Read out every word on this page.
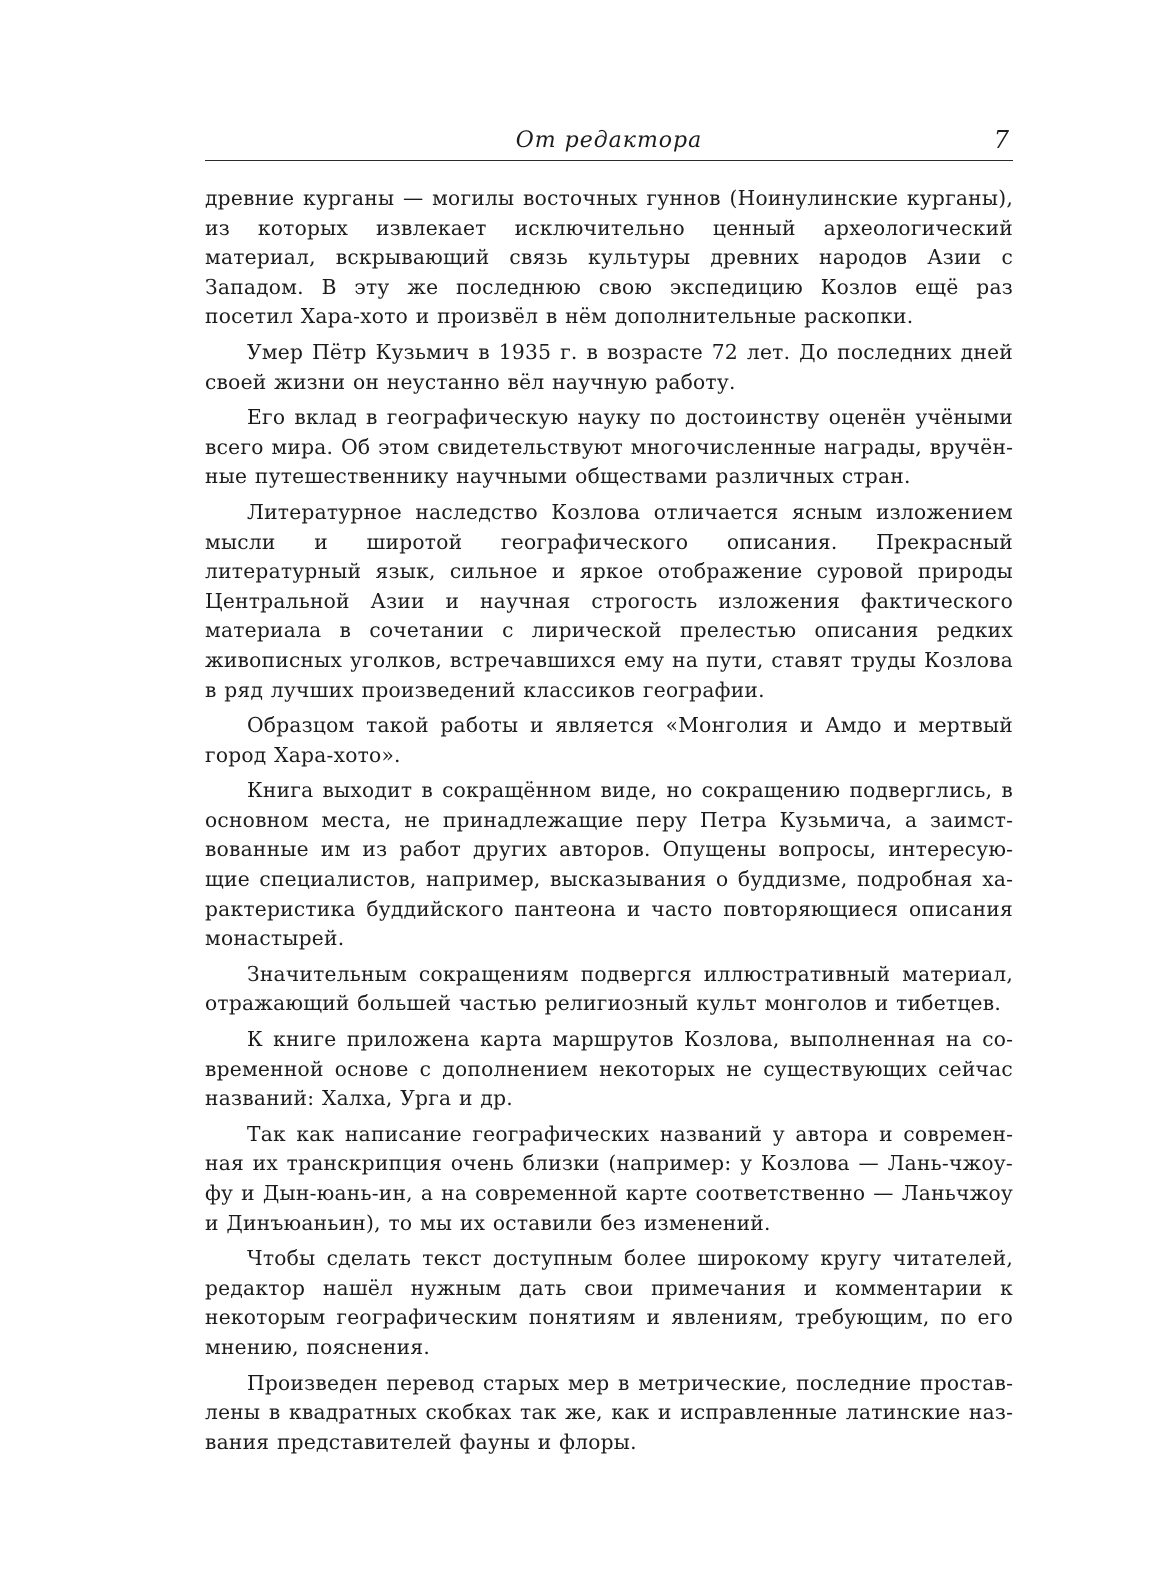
От редактора	7

древние курганы — могилы восточных гуннов (Ноинулинские курганы), из которых извлекает исключительно ценный археологический материал, вскрывающий связь культуры древних народов Азии с Западом. В эту же последнюю свою экспедицию Козлов ещё раз посетил Хара-хото и произвёл в нём дополнительные раскопки.

Умер Пётр Кузьмич в 1935 г. в возрасте 72 лет. До последних дней своей жизни он неустанно вёл научную работу.

Его вклад в географическую науку по достоинству оценён учёными всего мира. Об этом свидетельствуют многочисленные награды, вручённые путешественнику научными обществами различных стран.

Литературное наследство Козлова отличается ясным изложением мысли и широтой географического описания. Прекрасный литературный язык, сильное и яркое отображение суровой природы Центральной Азии и научная строгость изложения фактического материала в сочетании с лирической прелестью описания редких живописных уголков, встречавшихся ему на пути, ставят труды Козлова в ряд лучших произведений классиков географии.

Образцом такой работы и является «Монголия и Амдо и мертвый город Хара-хото».

Книга выходит в сокращённом виде, но сокращению подверглись, в основном места, не принадлежащие перу Петра Кузьмича, а заимствованные им из работ других авторов. Опущены вопросы, интересующие специалистов, например, высказывания о буддизме, подробная характеристика буддийского пантеона и часто повторяющиеся описания монастырей.

Значительным сокращениям подвергся иллюстративный материал, отражающий большей частью религиозный культ монголов и тибетцев.

К книге приложена карта маршрутов Козлова, выполненная на современной основе с дополнением некоторых не существующих сейчас названий: Халха, Урга и др.

Так как написание географических названий у автора и современная их транскрипция очень близки (например: у Козлова — Лань-чжоу-фу и Дын-юань-ин, а на современной карте соответственно — Ланьчжоу и Динъюаньин), то мы их оставили без изменений.

Чтобы сделать текст доступным более широкому кругу читателей, редактор нашёл нужным дать свои примечания и комментарии к некоторым географическим понятиям и явлениям, требующим, по его мнению, пояснения.

Произведен перевод старых мер в метрические, последние проставлены в квадратных скобках так же, как и исправленные латинские названия представителей фауны и флоры.
